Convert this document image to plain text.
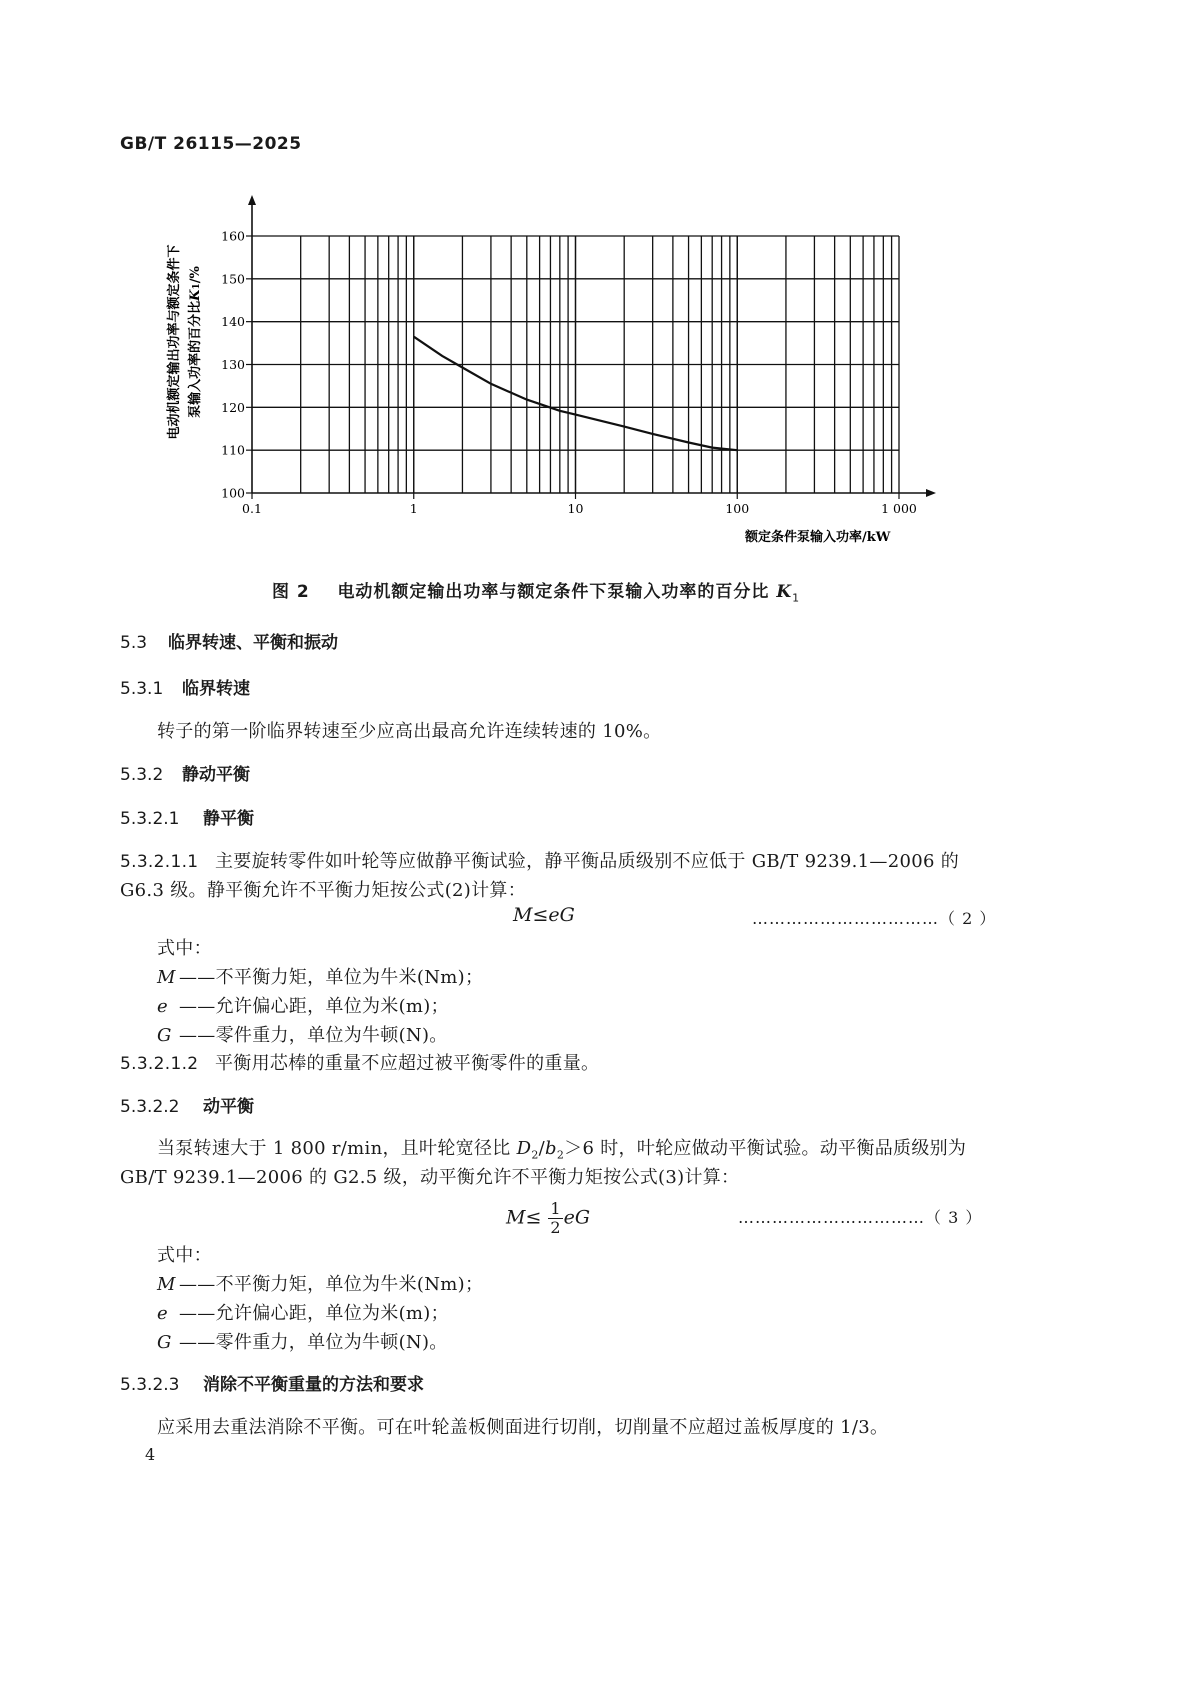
GB/T 26115—2025
0.1	1	10	100	1 000
100
110
120
130
140
150
160
电动机额定输出功率与额定条件下 泵输入功率的百分比K1/%
额定条件泵输入功率/kW
图 2 电动机额定输出功率与额定条件下泵输入功率的百分比 $K_1$
5.3 临界转速、平衡和振动
5.3.1 临界转速
转子的第一阶临界转速至少应高出最高允许连续转速的 10%。
5.3.2 静动平衡
5.3.2.1 静平衡
5.3.2.1.1 主要旋转零件如叶轮等应做静平衡试验，静平衡品质级别不应低于 GB/T 9239.1—2006 的
G6.3 级。静平衡允许不平衡力矩按公式(2)计算：
M≤eG	……………………………（ 2 ）
式中：
M ——不平衡力矩，单位为牛米(Nm)；
e ——允许偏心距，单位为米(m)；
G ——零件重力，单位为牛顿(N)。
5.3.2.1.2 平衡用芯棒的重量不应超过被平衡零件的重量。
5.3.2.2 动平衡
当泵转速大于 1 800 r/min，且叶轮宽径比 $D_2/b_2>6$ 时，叶轮应做动平衡试验。动平衡品质级别为
GB/T 9239.1—2006 的 G2.5 级，动平衡允许不平衡力矩按公式(3)计算：
$M\le \frac{1}{2}$ eG	……………………………（ 3 ）
式中：
M ——不平衡力矩，单位为牛米(Nm)；
e ——允许偏心距，单位为米(m)；
G ——零件重力，单位为牛顿(N)。
5.3.2.3 消除不平衡重量的方法和要求
应采用去重法消除不平衡。可在叶轮盖板侧面进行切削，切削量不应超过盖板厚度的 1/3。
4
